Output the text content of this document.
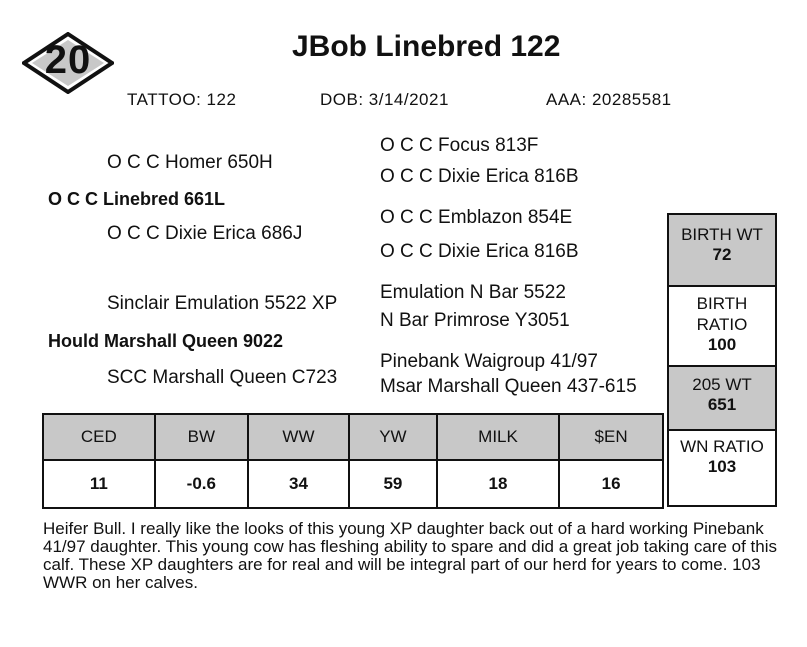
20	JBob Linebred 122
TATTOO: 122	DOB: 3/14/2021	AAA: 20285581
O C C Homer 650H
O C C Linebred 661L
O C C Dixie Erica 686J
O C C Focus 813F
O C C Dixie Erica 816B
O C C Emblazon 854E
O C C Dixie Erica 816B
Sinclair Emulation 5522 XP
Hould Marshall Queen 9022
SCC Marshall Queen C723
Emulation N Bar 5522
N Bar Primrose Y3051
Pinebank Waigroup 41/97
Msar Marshall Queen 437-615
CED	BW	WW	YW	MILK	$EN
11	-0.6	34	59	18	16
BIRTH WT
72
BIRTH RATIO
100
205 WT
651
WN RATIO
103
Heifer Bull. I really like the looks of this young XP daughter back out of a hard working Pinebank 41/97 daughter. This young cow has fleshing ability to spare and did a great job taking care of this calf. These XP daughters are for real and will be integral part of our herd for years to come. 103 WWR on her calves.
